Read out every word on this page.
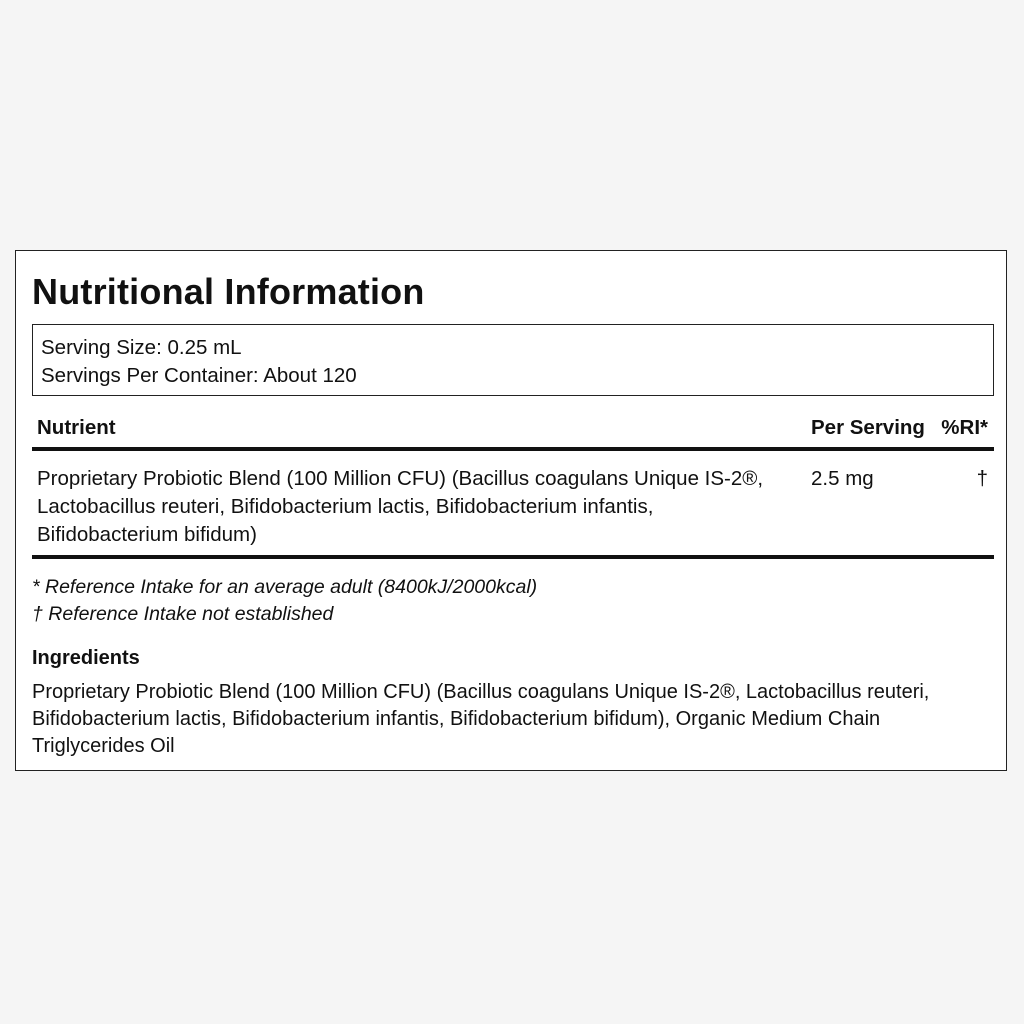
Nutritional Information
Serving Size: 0.25 mL
Servings Per Container: About 120
Nutrient	Per Serving %RI*
Proprietary Probiotic Blend (100 Million CFU) (Bacillus coagulans Unique IS-2®, Lactobacillus reuteri, Bifidobacterium lactis, Bifidobacterium infantis, Bifidobacterium bifidum)
2.5 mg	†
* Reference Intake for an average adult (8400kJ/2000kcal)
† Reference Intake not established
Ingredients
Proprietary Probiotic Blend (100 Million CFU) (Bacillus coagulans Unique IS-2®, Lactobacillus reuteri, Bifidobacterium lactis, Bifidobacterium infantis, Bifidobacterium bifidum), Organic Medium Chain Triglycerides Oil
